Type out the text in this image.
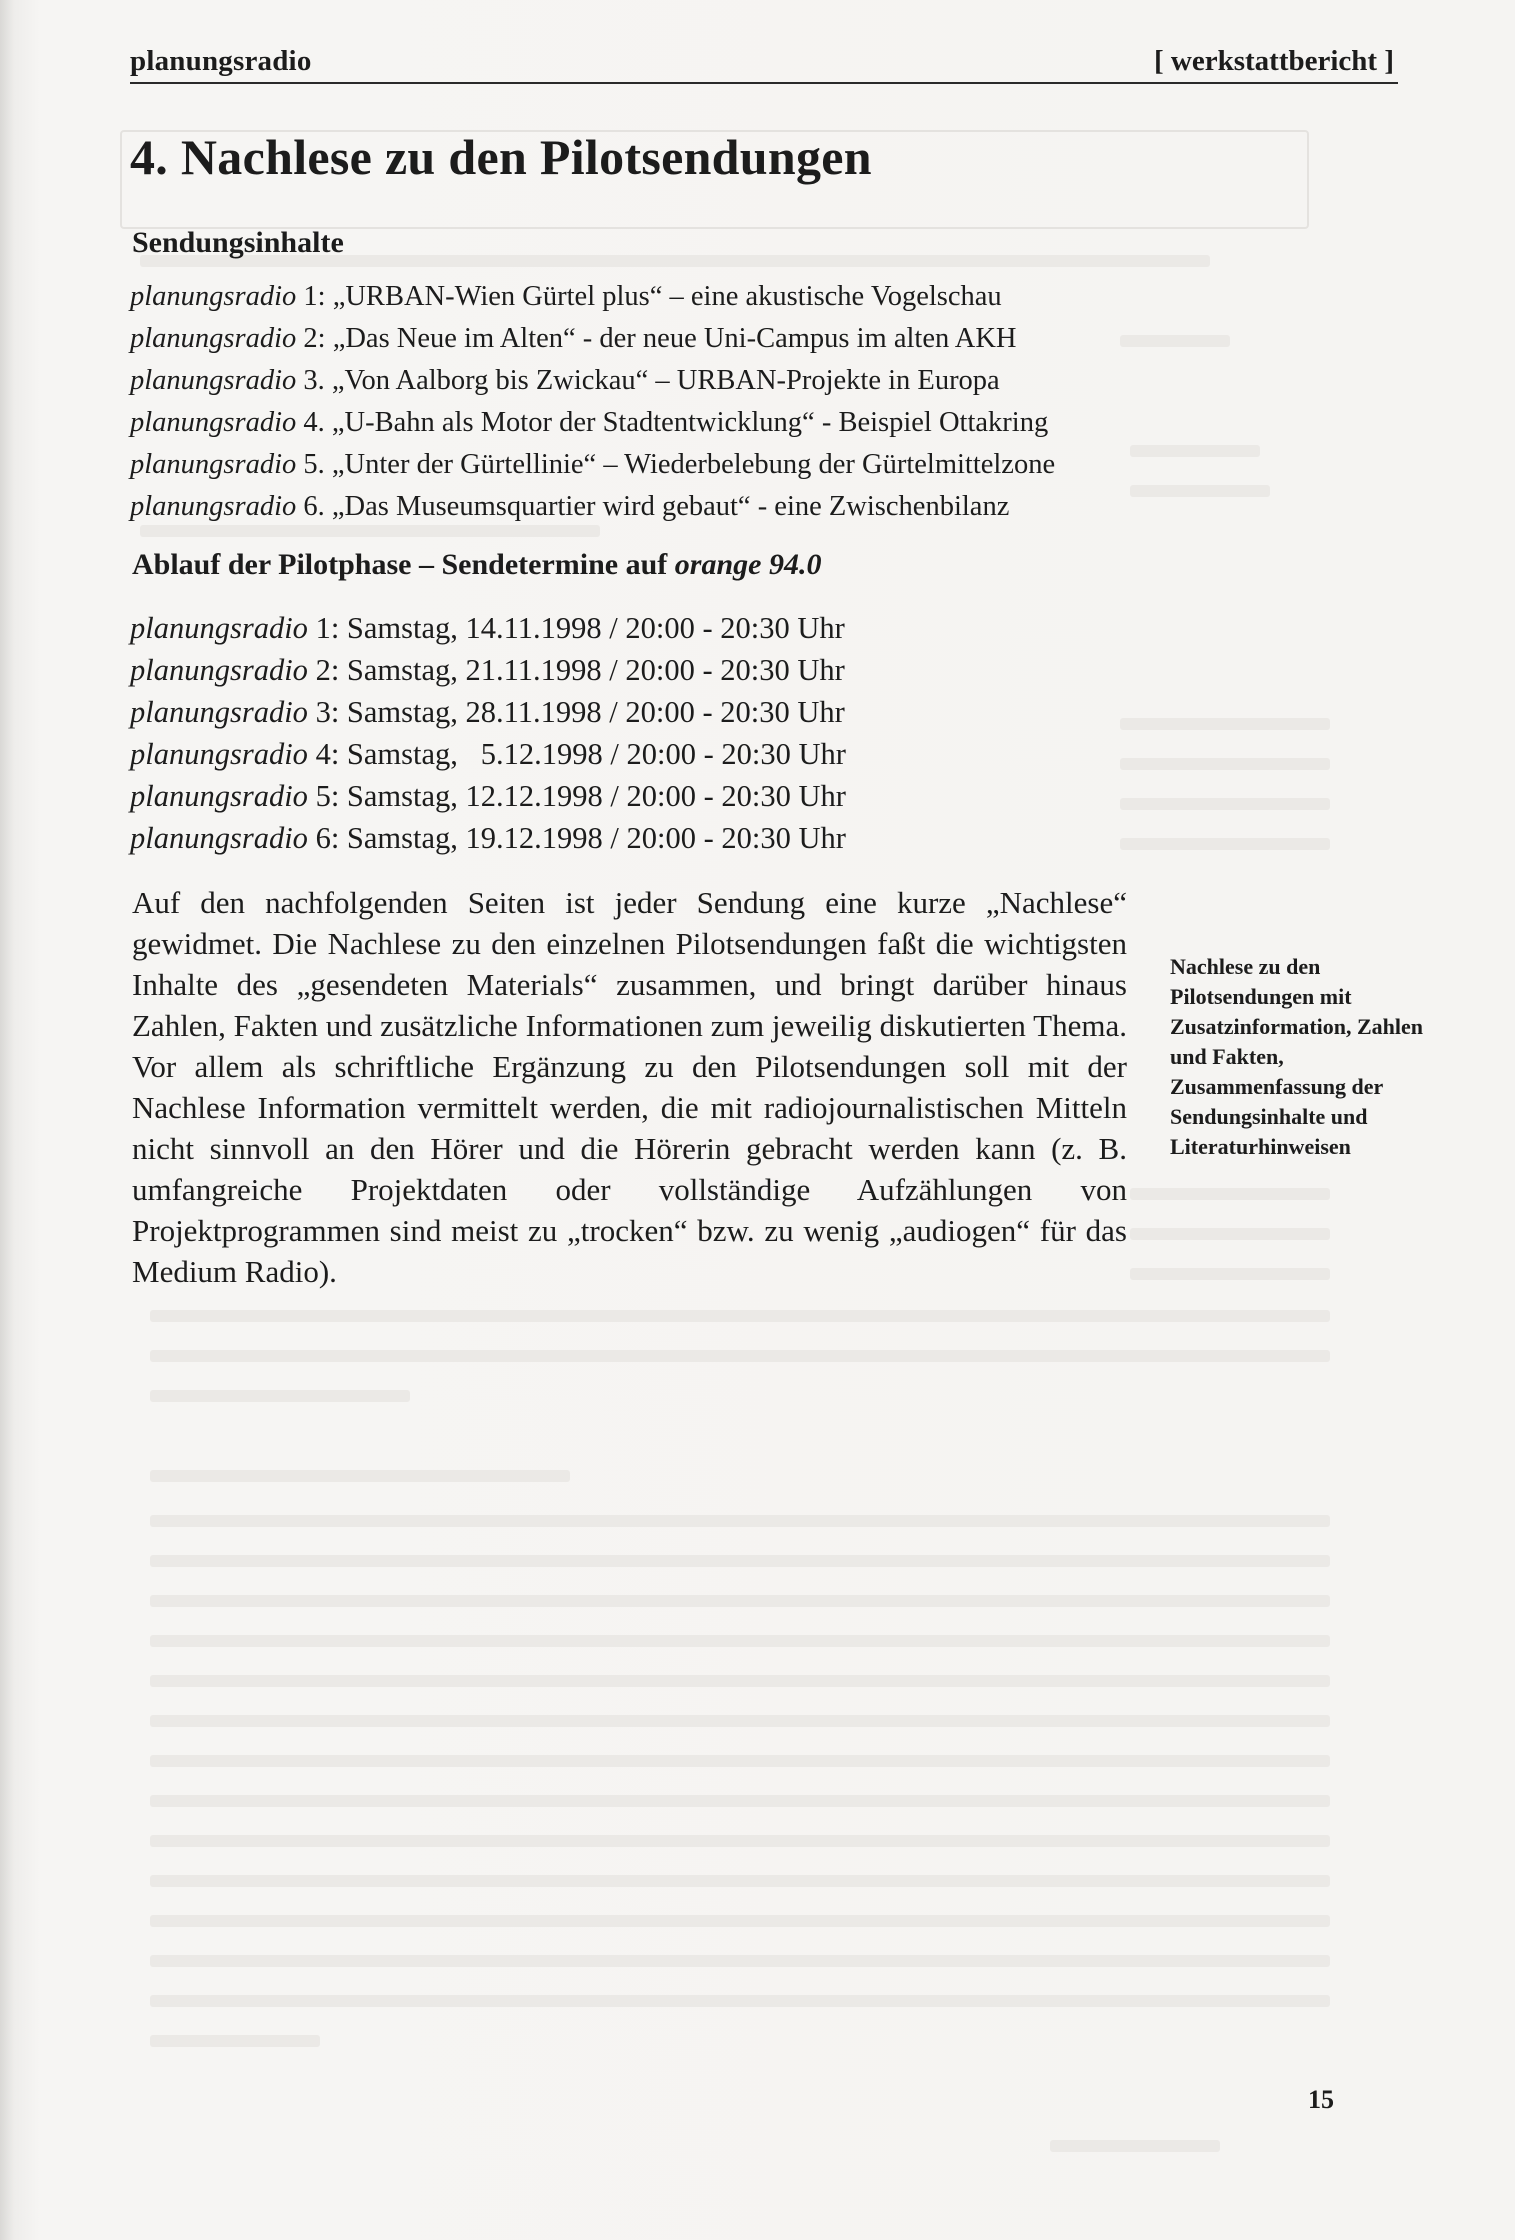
planungsradio	[ werkstattbericht ]
4. Nachlese zu den Pilotsendungen
Sendungsinhalte
planungsradio 1: „URBAN-Wien Gürtel plus“ – eine akustische Vogelschau
planungsradio 2: „Das Neue im Alten“ - der neue Uni-Campus im alten AKH
planungsradio 3. „Von Aalborg bis Zwickau“ – URBAN-Projekte in Europa
planungsradio 4. „U-Bahn als Motor der Stadtentwicklung“ - Beispiel Ottakring
planungsradio 5. „Unter der Gürtellinie“ – Wiederbelebung der Gürtelmittelzone
planungsradio 6. „Das Museumsquartier wird gebaut“ - eine Zwischenbilanz
Ablauf der Pilotphase – Sendetermine auf orange 94.0
planungsradio 1: Samstag, 14.11.1998 / 20:00 - 20:30 Uhr
planungsradio 2: Samstag, 21.11.1998 / 20:00 - 20:30 Uhr
planungsradio 3: Samstag, 28.11.1998 / 20:00 - 20:30 Uhr
planungsradio 4: Samstag,   5.12.1998 / 20:00 - 20:30 Uhr
planungsradio 5: Samstag, 12.12.1998 / 20:00 - 20:30 Uhr
planungsradio 6: Samstag, 19.12.1998 / 20:00 - 20:30 Uhr

Auf den nachfolgenden Seiten ist jeder Sendung eine kurze „Nachlese“ gewidmet. Die Nachlese zu den einzelnen Pilotsendungen faßt die wichtigsten Inhalte des „gesendeten Materials“ zusammen, und bringt darüber hinaus Zahlen, Fakten und zusätzliche Informationen zum jeweilig diskutierten Thema. Vor allem als schriftliche Ergänzung zu den Pilotsendungen soll mit der Nachlese Information vermittelt werden, die mit radiojournalistischen Mitteln nicht sinnvoll an den Hörer und die Hörerin gebracht werden kann (z. B. umfangreiche Projektdaten oder vollständige Aufzählungen von Projektprogrammen sind meist zu „trocken“ bzw. zu wenig „audiogen“ für das Medium Radio).

Nachlese zu den Pilotsendungen mit Zusatzinformation, Zahlen und Fakten, Zusammenfassung der Sendungsinhalte und Literaturhinweisen

15
